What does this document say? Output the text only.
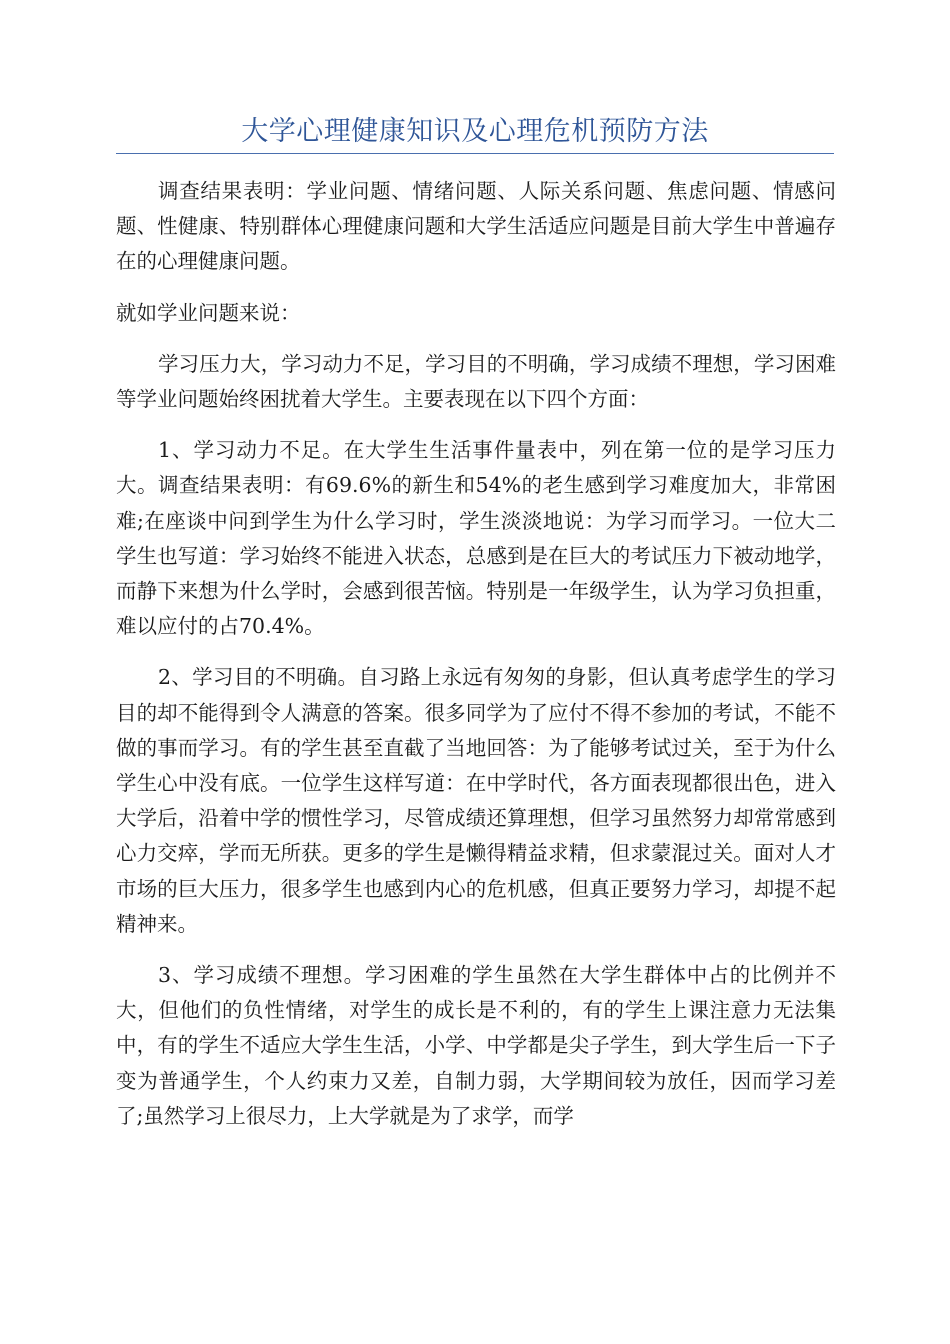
大学心理健康知识及心理危机预防方法

调查结果表明：学业问题、情绪问题、人际关系问题、焦虑问题、情感问题、性健康、特别群体心理健康问题和大学生活适应问题是目前大学生中普遍存在的心理健康问题。

就如学业问题来说：

学习压力大，学习动力不足，学习目的不明确，学习成绩不理想，学习困难等学业问题始终困扰着大学生。主要表现在以下四个方面：

1、学习动力不足。在大学生生活事件量表中，列在第一位的是学习压力大。调查结果表明：有69.6%的新生和54%的老生感到学习难度加大，非常困难;在座谈中问到学生为什么学习时，学生淡淡地说：为学习而学习。一位大二学生也写道：学习始终不能进入状态，总感到是在巨大的考试压力下被动地学，而静下来想为什么学时，会感到很苦恼。特别是一年级学生，认为学习负担重，难以应付的占70.4%。

2、学习目的不明确。自习路上永远有匆匆的身影，但认真考虑学生的学习目的却不能得到令人满意的答案。很多同学为了应付不得不参加的考试，不能不做的事而学习。有的学生甚至直截了当地回答：为了能够考试过关，至于为什么学生心中没有底。一位学生这样写道：在中学时代，各方面表现都很出色，进入大学后，沿着中学的惯性学习，尽管成绩还算理想，但学习虽然努力却常常感到心力交瘁，学而无所获。更多的学生是懒得精益求精，但求蒙混过关。面对人才市场的巨大压力，很多学生也感到内心的危机感，但真正要努力学习，却提不起精神来。

3、学习成绩不理想。学习困难的学生虽然在大学生群体中占的比例并不大，但他们的负性情绪，对学生的成长是不利的，有的学生上课注意力无法集中，有的学生不适应大学生生活，小学、中学都是尖子学生，到大学生后一下子变为普通学生，个人约束力又差，自制力弱，大学期间较为放任，因而学习差了;虽然学习上很尽力，上大学就是为了求学，而学
